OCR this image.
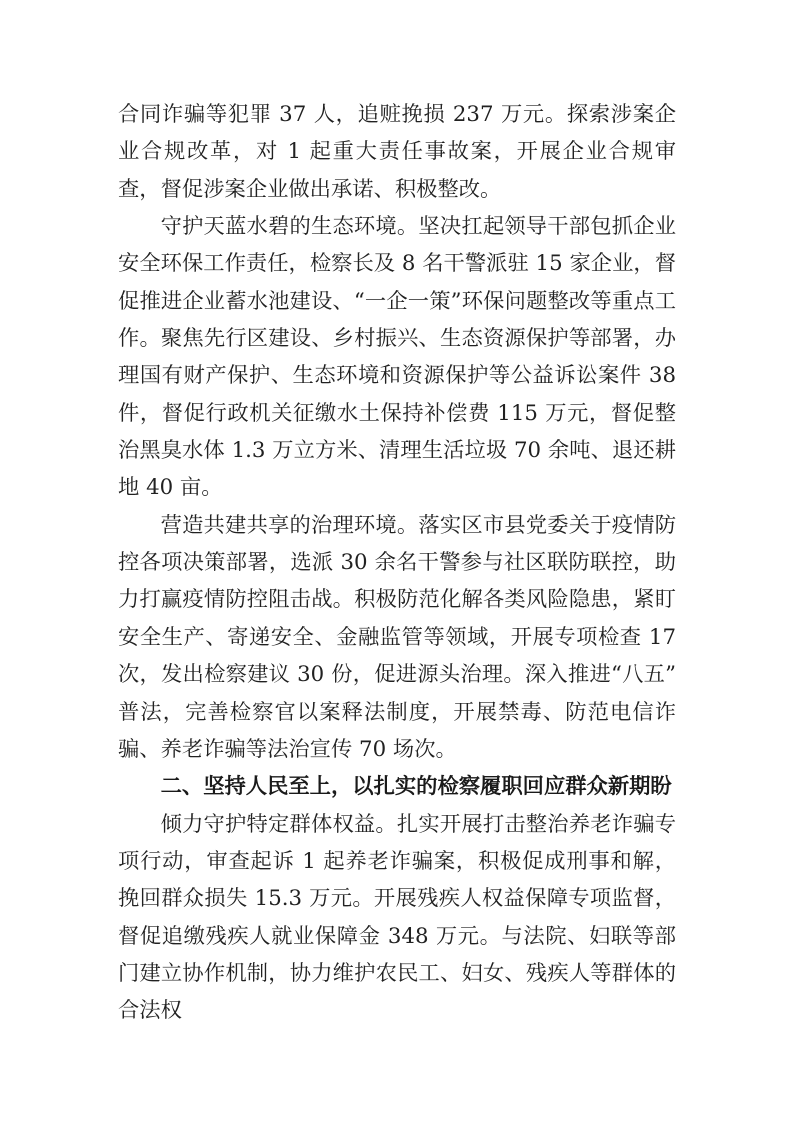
合同诈骗等犯罪 37 人，追赃挽损 237 万元。探索涉案企业合规改革，对 1 起重大责任事故案，开展企业合规审查，督促涉案企业做出承诺、积极整改。

守护天蓝水碧的生态环境。坚决扛起领导干部包抓企业安全环保工作责任，检察长及 8 名干警派驻 15 家企业，督促推进企业蓄水池建设、“一企一策”环保问题整改等重点工作。聚焦先行区建设、乡村振兴、生态资源保护等部署，办理国有财产保护、生态环境和资源保护等公益诉讼案件 38 件，督促行政机关征缴水土保持补偿费 115 万元，督促整治黑臭水体 1.3 万立方米、清理生活垃圾 70 余吨、退还耕地 40 亩。

营造共建共享的治理环境。落实区市县党委关于疫情防控各项决策部署，选派 30 余名干警参与社区联防联控，助力打赢疫情防控阻击战。积极防范化解各类风险隐患，紧盯安全生产、寄递安全、金融监管等领域，开展专项检查 17 次，发出检察建议 30 份，促进源头治理。深入推进“八五”普法，完善检察官以案释法制度，开展禁毒、防范电信诈骗、养老诈骗等法治宣传 70 场次。

二、坚持人民至上，以扎实的检察履职回应群众新期盼

倾力守护特定群体权益。扎实开展打击整治养老诈骗专项行动，审查起诉 1 起养老诈骗案，积极促成刑事和解，挽回群众损失 15.3 万元。开展残疾人权益保障专项监督，督促追缴残疾人就业保障金 348 万元。与法院、妇联等部门建立协作机制，协力维护农民工、妇女、残疾人等群体的合法权
